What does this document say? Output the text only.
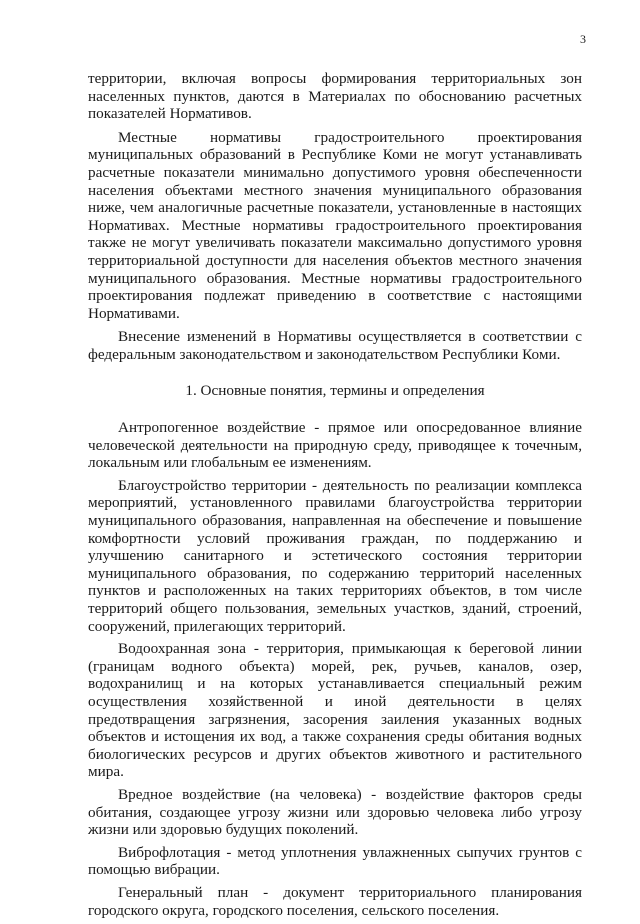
3

территории, включая вопросы формирования территориальных зон населенных пунктов, даются в Материалах по обоснованию расчетных показателей Нормативов.

Местные нормативы градостроительного проектирования муниципальных образований в Республике Коми не могут устанавливать расчетные показатели минимально допустимого уровня обеспеченности населения объектами местного значения муниципального образования ниже, чем аналогичные расчетные показатели, установленные в настоящих Нормативах. Местные нормативы градостроительного проектирования также не могут увеличивать показатели максимально допустимого уровня территориальной доступности для населения объектов местного значения муниципального образования. Местные нормативы градостроительного проектирования подлежат приведению в соответствие с настоящими Нормативами.

Внесение изменений в Нормативы осуществляется в соответствии с федеральным законодательством и законодательством Республики Коми.

1. Основные понятия, термины и определения

Антропогенное воздействие - прямое или опосредованное влияние человеческой деятельности на природную среду, приводящее к точечным, локальным или глобальным ее изменениям.

Благоустройство территории - деятельность по реализации комплекса мероприятий, установленного правилами благоустройства территории муниципального образования, направленная на обеспечение и повышение комфортности условий проживания граждан, по поддержанию и улучшению санитарного и эстетического состояния территории муниципального образования, по содержанию территорий населенных пунктов и расположенных на таких территориях объектов, в том числе территорий общего пользования, земельных участков, зданий, строений, сооружений, прилегающих территорий.

Водоохранная зона - территория, примыкающая к береговой линии (границам водного объекта) морей, рек, ручьев, каналов, озер, водохранилищ и на которых устанавливается специальный режим осуществления хозяйственной и иной деятельности в целях предотвращения загрязнения, засорения заиления указанных водных объектов и истощения их вод, а также сохранения среды обитания водных биологических ресурсов и других объектов животного и растительного мира.

Вредное воздействие (на человека) - воздействие факторов среды обитания, создающее угрозу жизни или здоровью человека либо угрозу жизни или здоровью будущих поколений.

Виброфлотация - метод уплотнения увлажненных сыпучих грунтов с помощью вибрации.

Генеральный план - документ территориального планирования городского округа, городского поселения, сельского поселения.
